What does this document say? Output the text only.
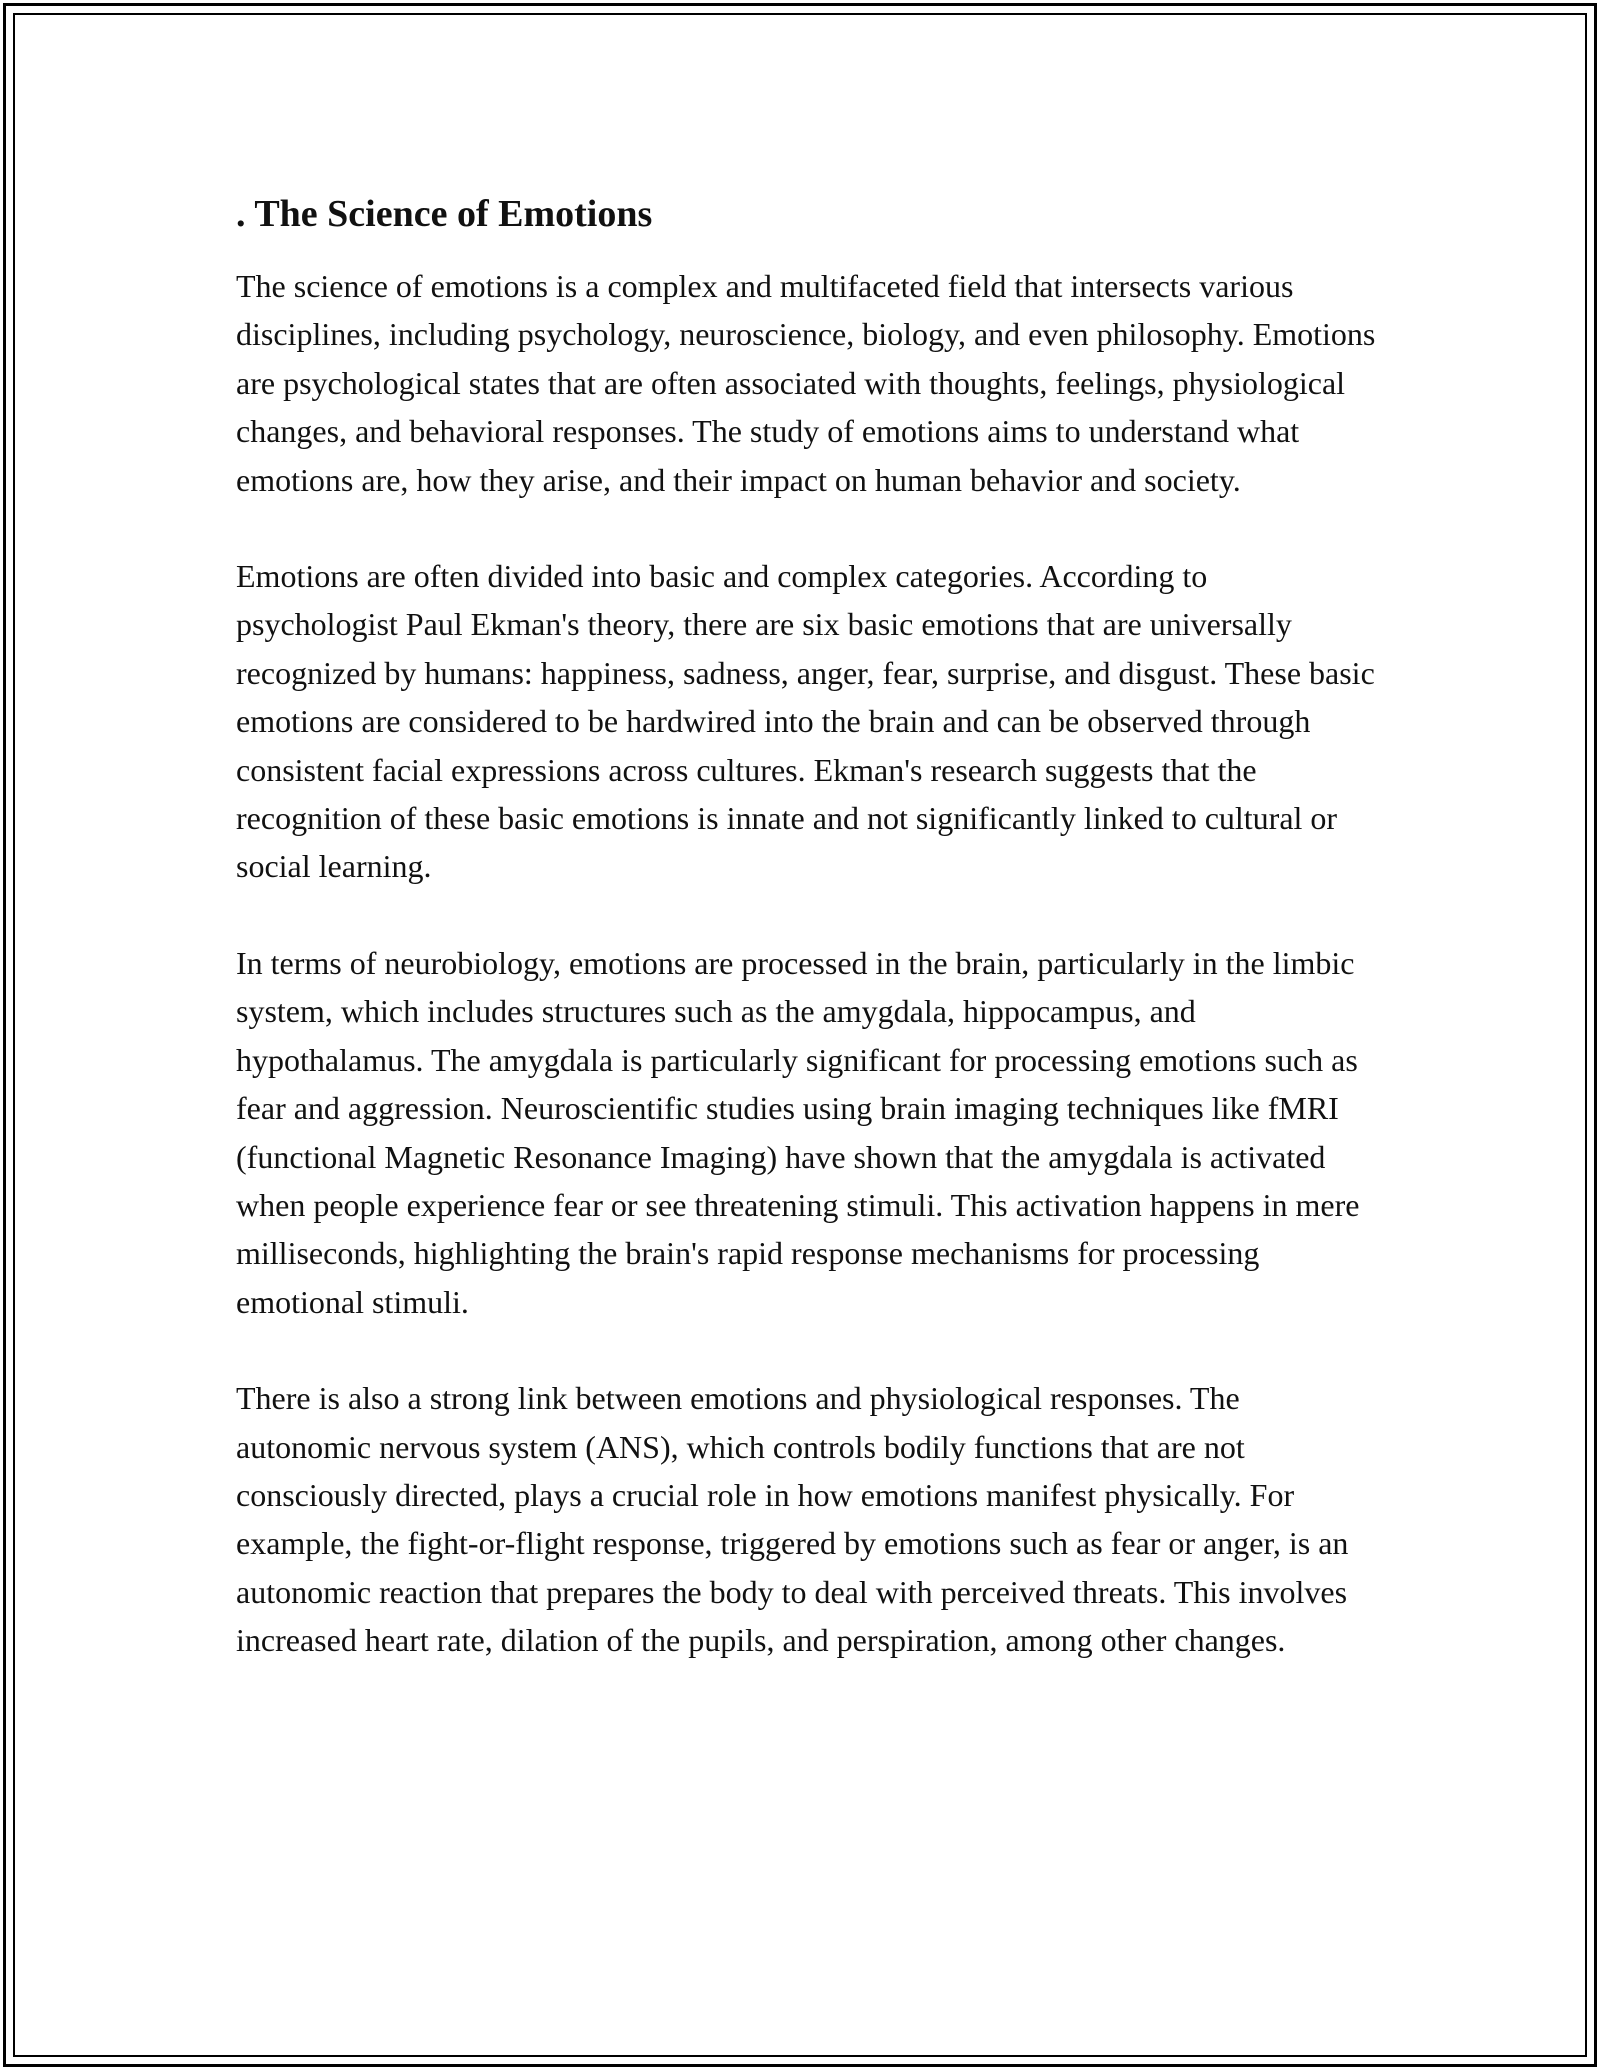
. The Science of Emotions

The science of emotions is a complex and multifaceted field that intersects various disciplines, including psychology, neuroscience, biology, and even philosophy. Emotions are psychological states that are often associated with thoughts, feelings, physiological changes, and behavioral responses. The study of emotions aims to understand what emotions are, how they arise, and their impact on human behavior and society.

Emotions are often divided into basic and complex categories. According to psychologist Paul Ekman's theory, there are six basic emotions that are universally recognized by humans: happiness, sadness, anger, fear, surprise, and disgust. These basic emotions are considered to be hardwired into the brain and can be observed through consistent facial expressions across cultures. Ekman's research suggests that the recognition of these basic emotions is innate and not significantly linked to cultural or social learning.

In terms of neurobiology, emotions are processed in the brain, particularly in the limbic system, which includes structures such as the amygdala, hippocampus, and hypothalamus. The amygdala is particularly significant for processing emotions such as fear and aggression. Neuroscientific studies using brain imaging techniques like fMRI (functional Magnetic Resonance Imaging) have shown that the amygdala is activated when people experience fear or see threatening stimuli. This activation happens in mere milliseconds, highlighting the brain's rapid response mechanisms for processing emotional stimuli.

There is also a strong link between emotions and physiological responses. The autonomic nervous system (ANS), which controls bodily functions that are not consciously directed, plays a crucial role in how emotions manifest physically. For example, the fight-or-flight response, triggered by emotions such as fear or anger, is an autonomic reaction that prepares the body to deal with perceived threats. This involves increased heart rate, dilation of the pupils, and perspiration, among other changes.
